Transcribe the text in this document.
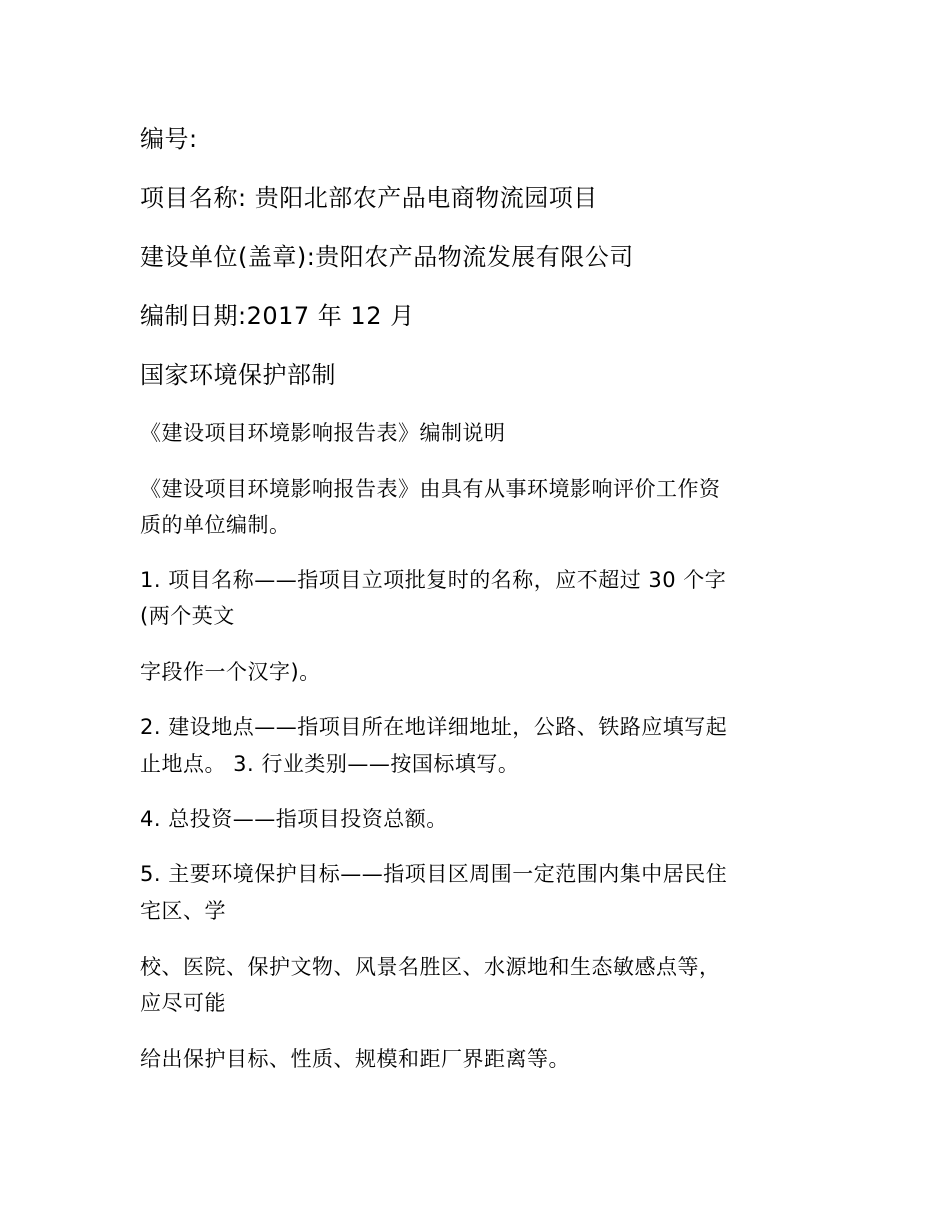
编号:

项目名称: 贵阳北部农产品电商物流园项目

建设单位(盖章):贵阳农产品物流发展有限公司

编制日期:2017 年 12 月

国家环境保护部制

《建设项目环境影响报告表》编制说明

《建设项目环境影响报告表》由具有从事环境影响评价工作资

质的单位编制。

1. 项目名称——指项目立项批复时的名称，应不超过 30 个字

(两个英文

字段作一个汉字)。

2. 建设地点——指项目所在地详细地址，公路、铁路应填写起

止地点。 3. 行业类别——按国标填写。

4. 总投资——指项目投资总额。

5. 主要环境保护目标——指项目区周围一定范围内集中居民住

宅区、学

校、医院、保护文物、风景名胜区、水源地和生态敏感点等，

应尽可能

给出保护目标、性质、规模和距厂界距离等。
